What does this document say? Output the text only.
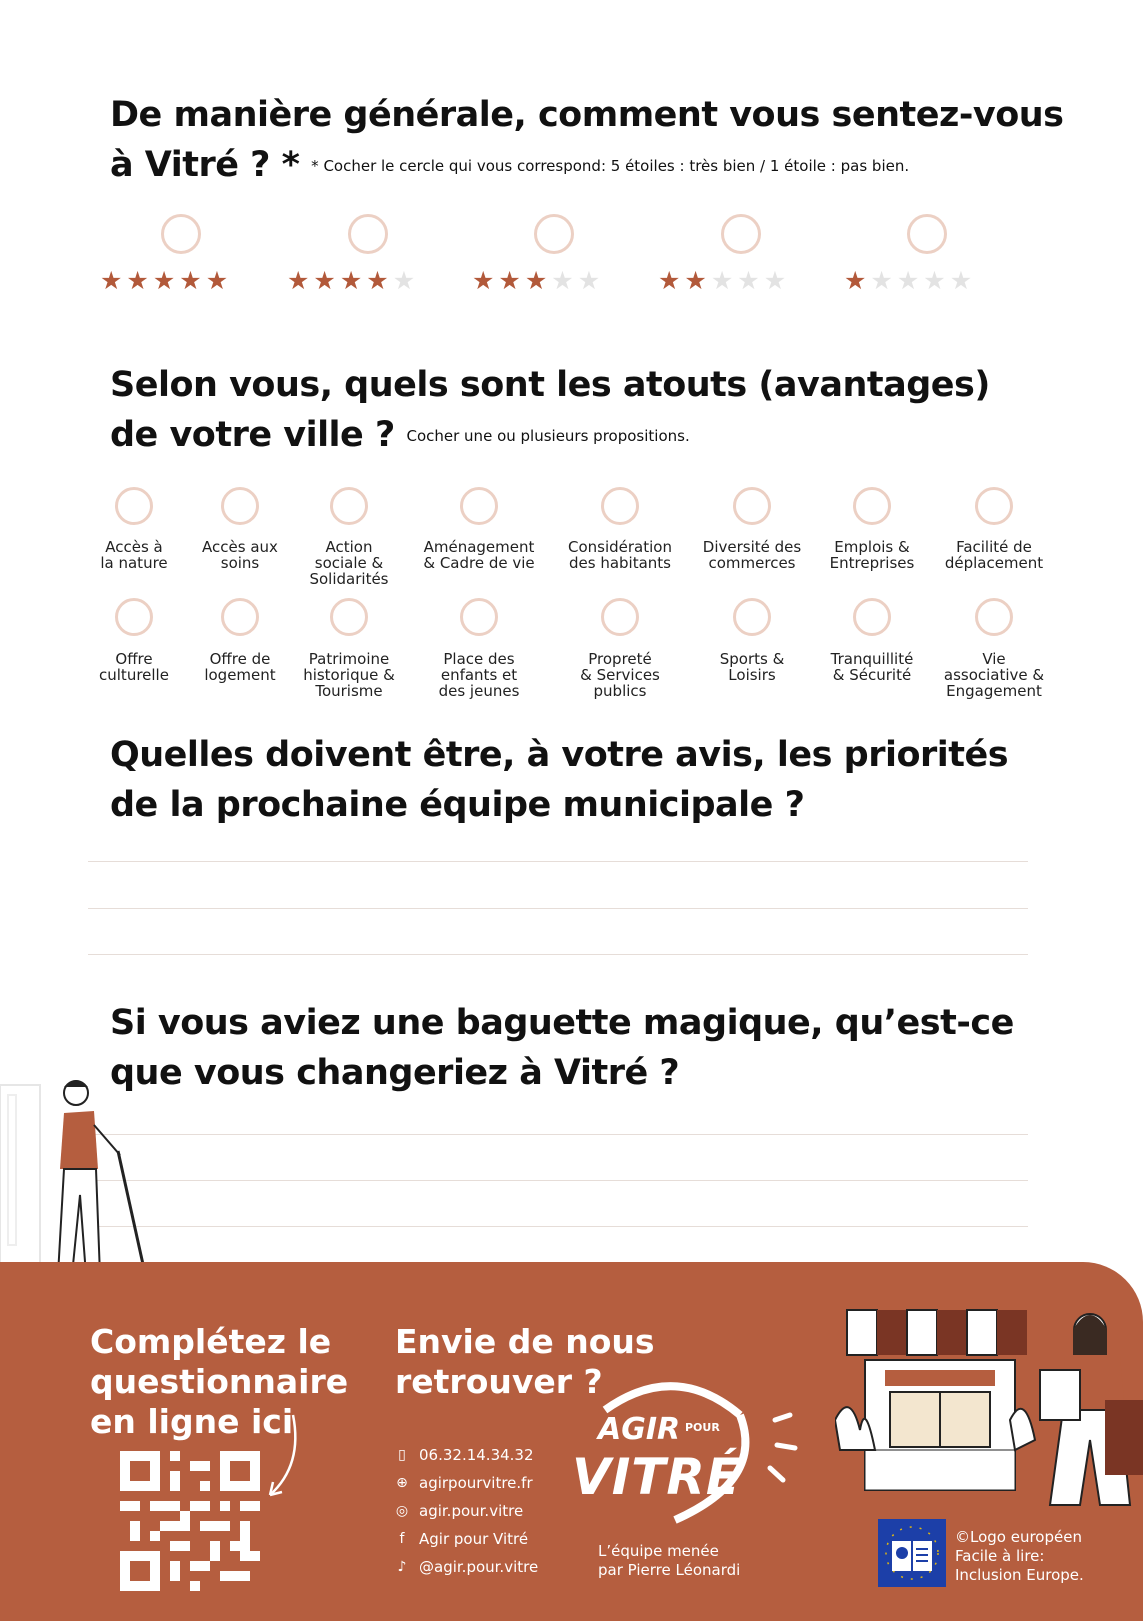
De manière générale, comment vous sentez-vous
à Vitré ? * * Cocher le cercle qui vous correspond: 5 étoiles : très bien / 1 étoile : pas bien.
★★★★★ ★★★★★ ★★★★★ ★★★★★ ★★★★★
Selon vous, quels sont les atouts (avantages)
de votre ville ? Cocher une ou plusieurs propositions.
Accès à
la nature
Accès aux
soins
Action
sociale &
Solidarités
Aménagement
& Cadre de vie
Considération
des habitants
Diversité des
commerces
Emplois &
Entreprises
Facilité de
déplacement
Offre
culturelle
Offre de
logement
Patrimoine
historique &
Tourisme
Place des
enfants et
des jeunes
Propreté
& Services
publics
Sports &
Loisirs
Tranquillité
& Sécurité
Vie
associative &
Engagement
Quelles doivent être, à votre avis, les priorités
de la prochaine équipe municipale ?
Si vous aviez une baguette magique, qu’est-ce
que vous changeriez à Vitré ?
Complétez le
questionnaire
en ligne ici
Envie de nous
retrouver ?
▯ 06.32.14.34.32
⊕ agirpourvitre.fr
◎ agir.pour.vitre
f Agir pour Vitré
♪ @agir.pour.vitre
AGIR POUR
VITRÉ
L’équipe menée
par Pierre Léonardi
©Logo européen
Facile à lire:
Inclusion Europe.
